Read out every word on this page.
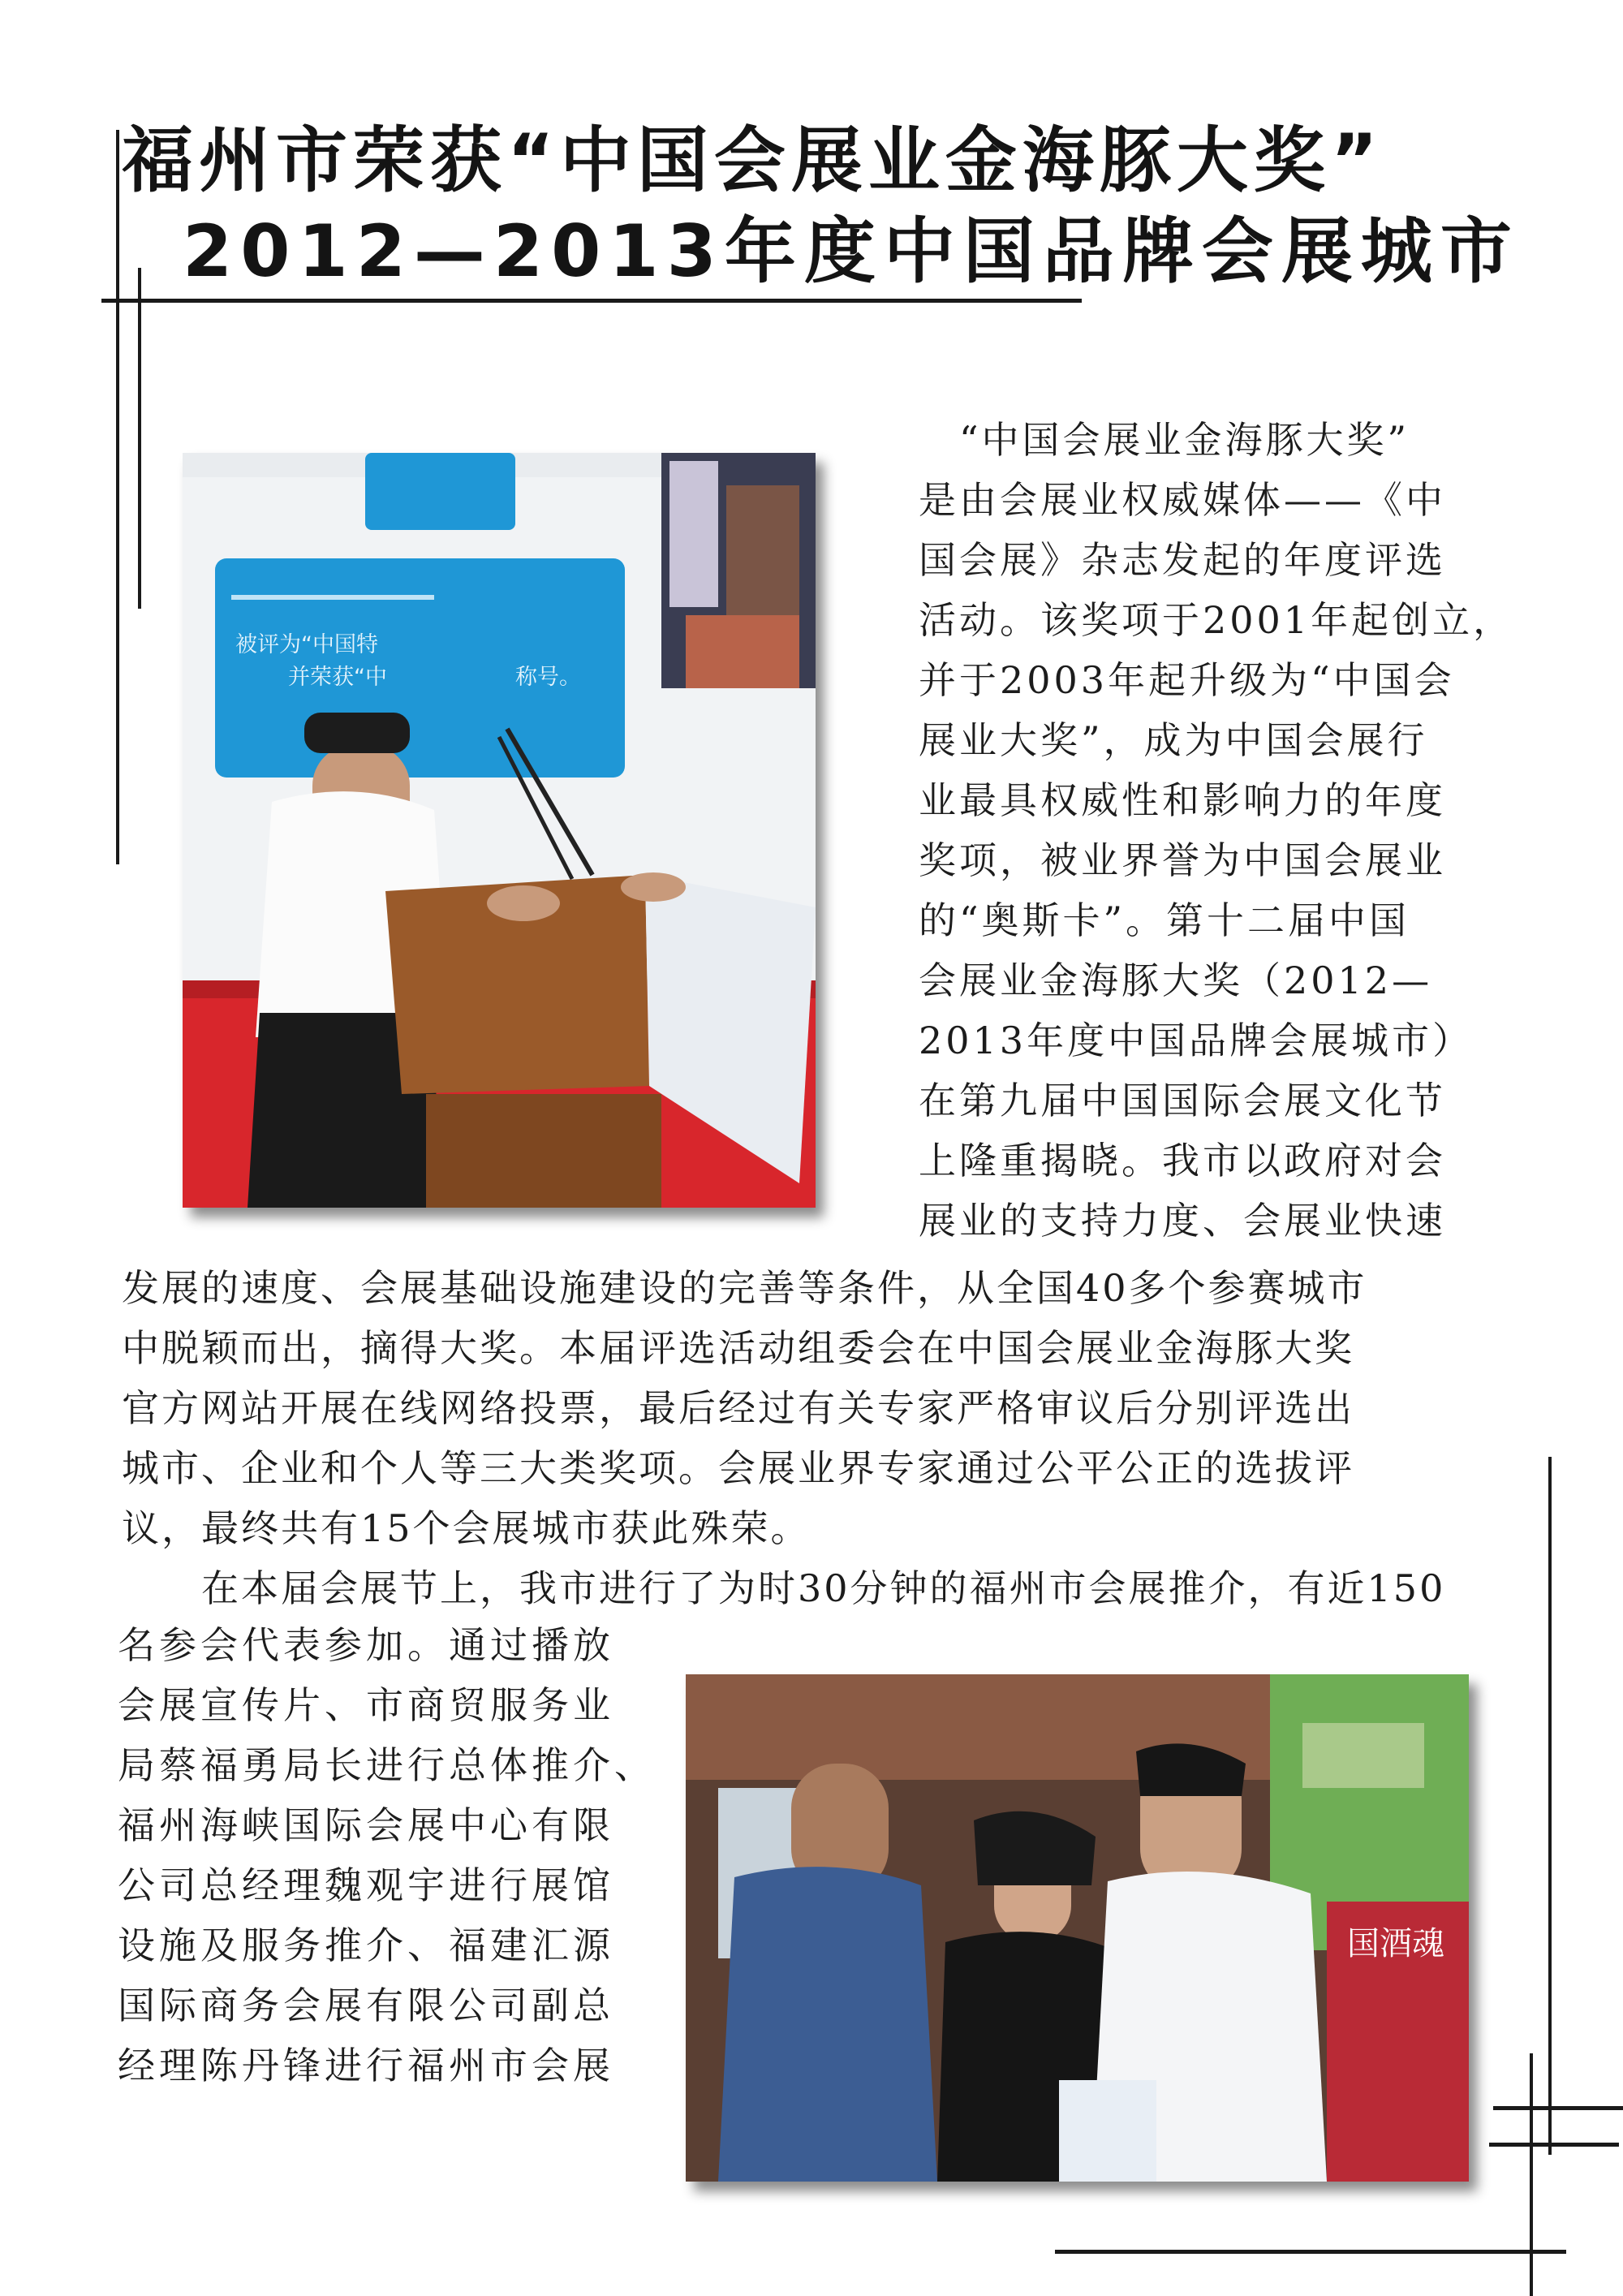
福州市荣获“中国会展业金海豚大奖”
2012—2013年度中国品牌会展城市
被评为“中国特
并荣获“中	称号。
　“中国会展业金海豚大奖”
是由会展业权威媒体——《中
国会展》杂志发起的年度评选
活动。该奖项于2001年起创立，
并于2003年起升级为“中国会
展业大奖”，成为中国会展行
业最具权威性和影响力的年度
奖项，被业界誉为中国会展业
的“奥斯卡”。第十二届中国
会展业金海豚大奖（2012—
2013年度中国品牌会展城市）
在第九届中国国际会展文化节
上隆重揭晓。我市以政府对会
展业的支持力度、会展业快速
发展的速度、会展基础设施建设的完善等条件，从全国40多个参赛城市
中脱颖而出，摘得大奖。本届评选活动组委会在中国会展业金海豚大奖
官方网站开展在线网络投票，最后经过有关专家严格审议后分别评选出
城市、企业和个人等三大类奖项。会展业界专家通过公平公正的选拔评
议，最终共有15个会展城市获此殊荣。
　　在本届会展节上，我市进行了为时30分钟的福州市会展推介，有近150
国酒魂
名参会代表参加。通过播放
会展宣传片、市商贸服务业
局蔡福勇局长进行总体推介、
福州海峡国际会展中心有限
公司总经理魏观宇进行展馆
设施及服务推介、福建汇源
国际商务会展有限公司副总
经理陈丹锋进行福州市会展
